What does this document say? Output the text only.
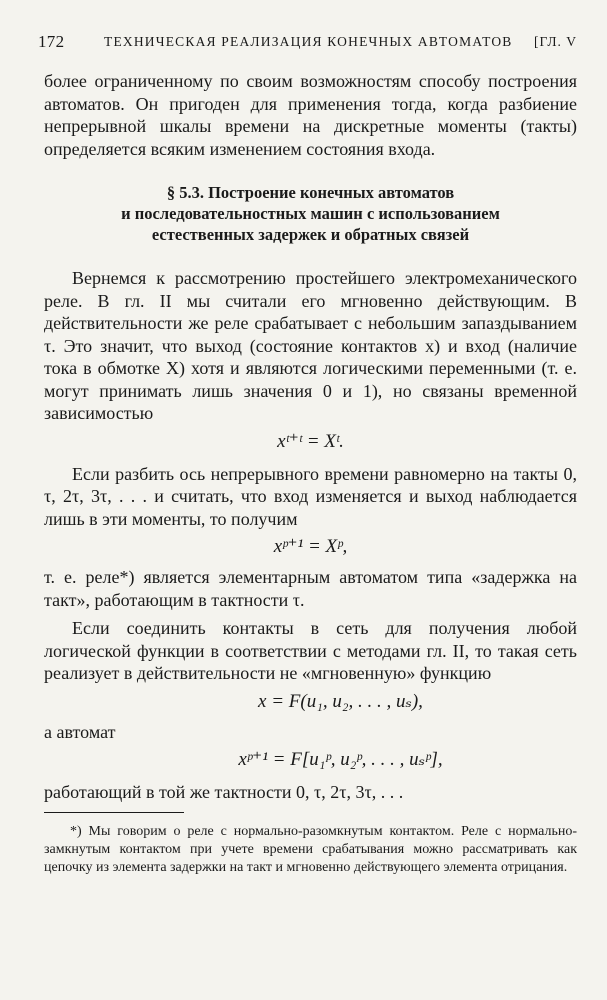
172	ТЕХНИЧЕСКАЯ РЕАЛИЗАЦИЯ КОНЕЧНЫХ АВТОМАТОВ [ГЛ. V

более ограниченному по своим возможностям способу построения автоматов. Он пригоден для применения тогда, когда разбиение непрерывной шкалы времени на дискретные моменты (такты) определяется всяким изменением состояния входа.

§ 5.3. Построение конечных автоматов
и последовательностных машин с использованием
естественных задержек и обратных связей

Вернемся к рассмотрению простейшего электромеханического реле. В гл. II мы считали его мгновенно действующим. В действительности же реле срабатывает с небольшим запаздыванием τ. Это значит, что выход (состояние контактов x) и вход (наличие тока в обмотке X) хотя и являются логическими переменными (т. е. могут принимать лишь значения 0 и 1), но связаны временной зависимостью

xᵗ⁺ᵗ = Xᵗ.

Если разбить ось непрерывного времени равномерно на такты 0, τ, 2τ, 3τ, . . . и считать, что вход изменяется и выход наблюдается лишь в эти моменты, то получим

xᵖ⁺¹ = Xᵖ,

т. е. реле*) является элементарным автоматом типа «задержка на такт», работающим в тактности τ.

Если соединить контакты в сеть для получения любой логической функции в соответствии с методами гл. II, то такая сеть реализует в действительности не «мгновенную» функцию

x = F(u₁, u₂, . . . , uₛ),

а автомат

xᵖ⁺¹ = F[u₁ᵖ, u₂ᵖ, . . . , uₛᵖ],

работающий в той же тактности 0, τ, 2τ, 3τ, . . .

*) Мы говорим о реле с нормально-разомкнутым контактом. Реле с нормально-замкнутым контактом при учете времени срабатывания можно рассматривать как цепочку из элемента задержки на такт и мгновенно действующего элемента отрицания.
